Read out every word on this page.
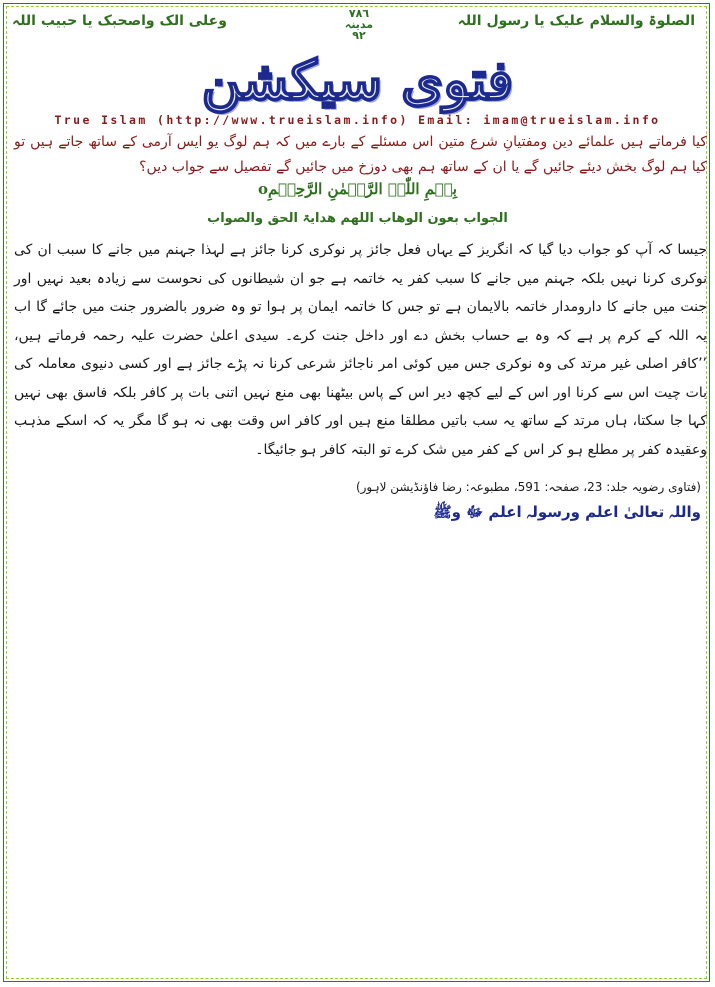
الصلوۃ والسلام علیک یا رسول اللہ
٧٨٦
مدینہ
٩٢
وعلی الک واصحبک یا حبیب اللہ
فتوی سیکشن
True Islam (http://www.trueislam.info) Email: imam@trueislam.info
کیا فرماتے ہیں علمائے دین ومفتیانِ شرع متین اس مسئلے کے بارے میں کہ ہم لوگ یو ایس آرمی کے ساتھ جاتے ہیں تو کیا ہم لوگ بخش دیئے جائیں گے یا ان کے ساتھ ہم بھی دوزخ میں جائیں گے تفصیل سے جواب دیں؟
بِسۡمِ اللّٰہِ الرَّحۡمٰنِ الرَّحِیۡمِo
الجواب بعون الوھاب اللھم ھدایۃ الحق والصواب
جیسا کہ آپ کو جواب دیا گیا کہ انگریز کے یہاں فعل جائز پر نوکری کرنا جائز ہے لہذا جہنم میں جانے کا سبب ان کی نوکری کرنا نہیں بلکہ جہنم میں جانے کا سبب کفر یہ خاتمہ ہے جو ان شیطانوں کی نحوست سے زیادہ بعید نہیں اور جنت میں جانے کا دارومدار خاتمہ بالایمان ہے تو جس کا خاتمہ ایمان پر ہوا تو وہ ضرور بالضرور جنت میں جائے گا اب یہ اللہ کے کرم پر ہے کہ وہ بے حساب بخش دے اور داخل جنت کرے۔ سیدی اعلیٰ حضرت علیہ رحمہ فرماتے ہیں، ’’کافر اصلی غیر مرتد کی وہ نوکری جس میں کوئی امر ناجائز شرعی کرنا نہ پڑے جائز ہے اور کسی دنیوی معاملہ کی بات چیت اس سے کرنا اور اس کے لیے کچھ دیر اس کے پاس بیٹھنا بھی منع نہیں اتنی بات پر کافر بلکہ فاسق بھی نہیں کہا جا سکتا، ہاں مرتد کے ساتھ یہ سب باتیں مطلقا منع ہیں اور کافر اس وقت بھی نہ ہو گا مگر یہ کہ اسکے مذہب وعقیدہ کفر پر مطلع ہو کر اس کے کفر میں شک کرے تو البتہ کافر ہو جائیگا۔
(فتاوی رضویہ جلد: 23، صفحہ: 591، مطبوعہ: رضا فاؤنڈیشن لاہور)
واللہ تعالیٰ اعلم ورسولہ اعلم ﷻ وﷺ
